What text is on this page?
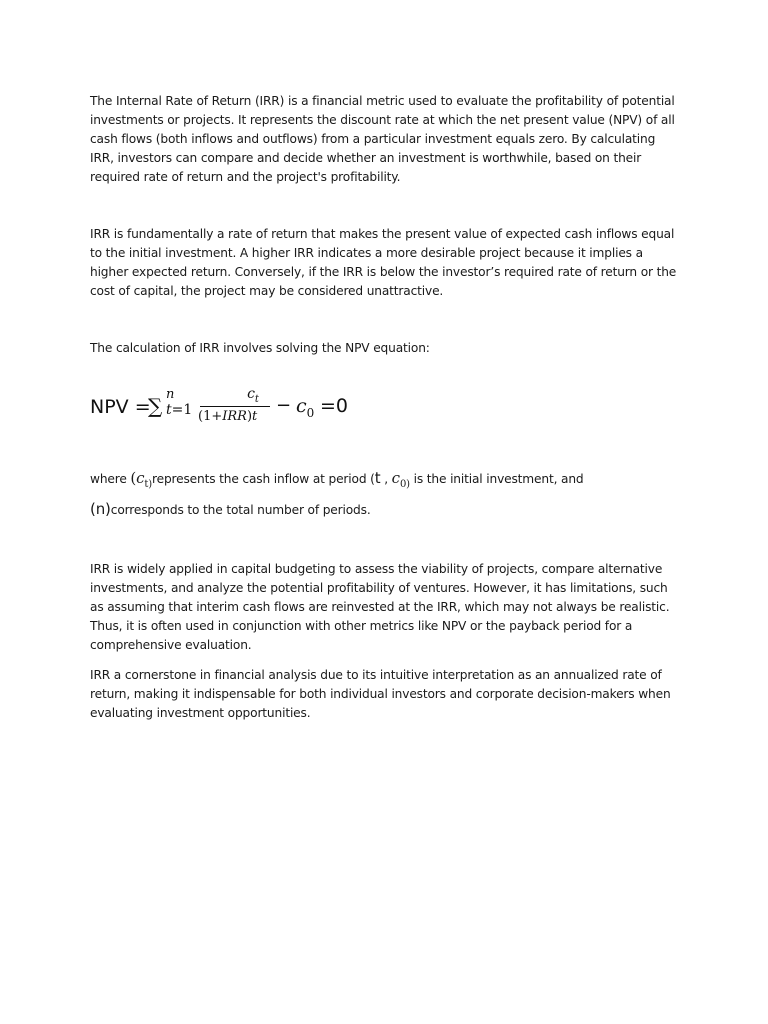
The Internal Rate of Return (IRR) is a financial metric used to evaluate the profitability of potential investments or projects. It represents the discount rate at which the net present value (NPV) of all cash flows (both inflows and outflows) from a particular investment equals zero. By calculating IRR, investors can compare and decide whether an investment is worthwhile, based on their required rate of return and the project's profitability.

IRR is fundamentally a rate of return that makes the present value of expected cash inflows equal to the initial investment. A higher IRR indicates a more desirable project because it implies a higher expected return. Conversely, if the IRR is below the investor’s required rate of return or the cost of capital, the project may be considered unattractive.

The calculation of IRR involves solving the NPV equation:

NPV =
∑ n
t=1
$c_t$
(1+IRR)t
− $c_0 =0$

where ($c_{t)}represents$ the cash inflow at period (t , $c_{0)}$ is the initial investment, and (n)corresponds to the total number of periods.

IRR is widely applied in capital budgeting to assess the viability of projects, compare alternative investments, and analyze the potential profitability of ventures. However, it has limitations, such as assuming that interim cash flows are reinvested at the IRR, which may not always be realistic. Thus, it is often used in conjunction with other metrics like NPV or the payback period for a comprehensive evaluation.

IRR a cornerstone in financial analysis due to its intuitive interpretation as an annualized rate of return, making it indispensable for both individual investors and corporate decision-makers when evaluating investment opportunities.
